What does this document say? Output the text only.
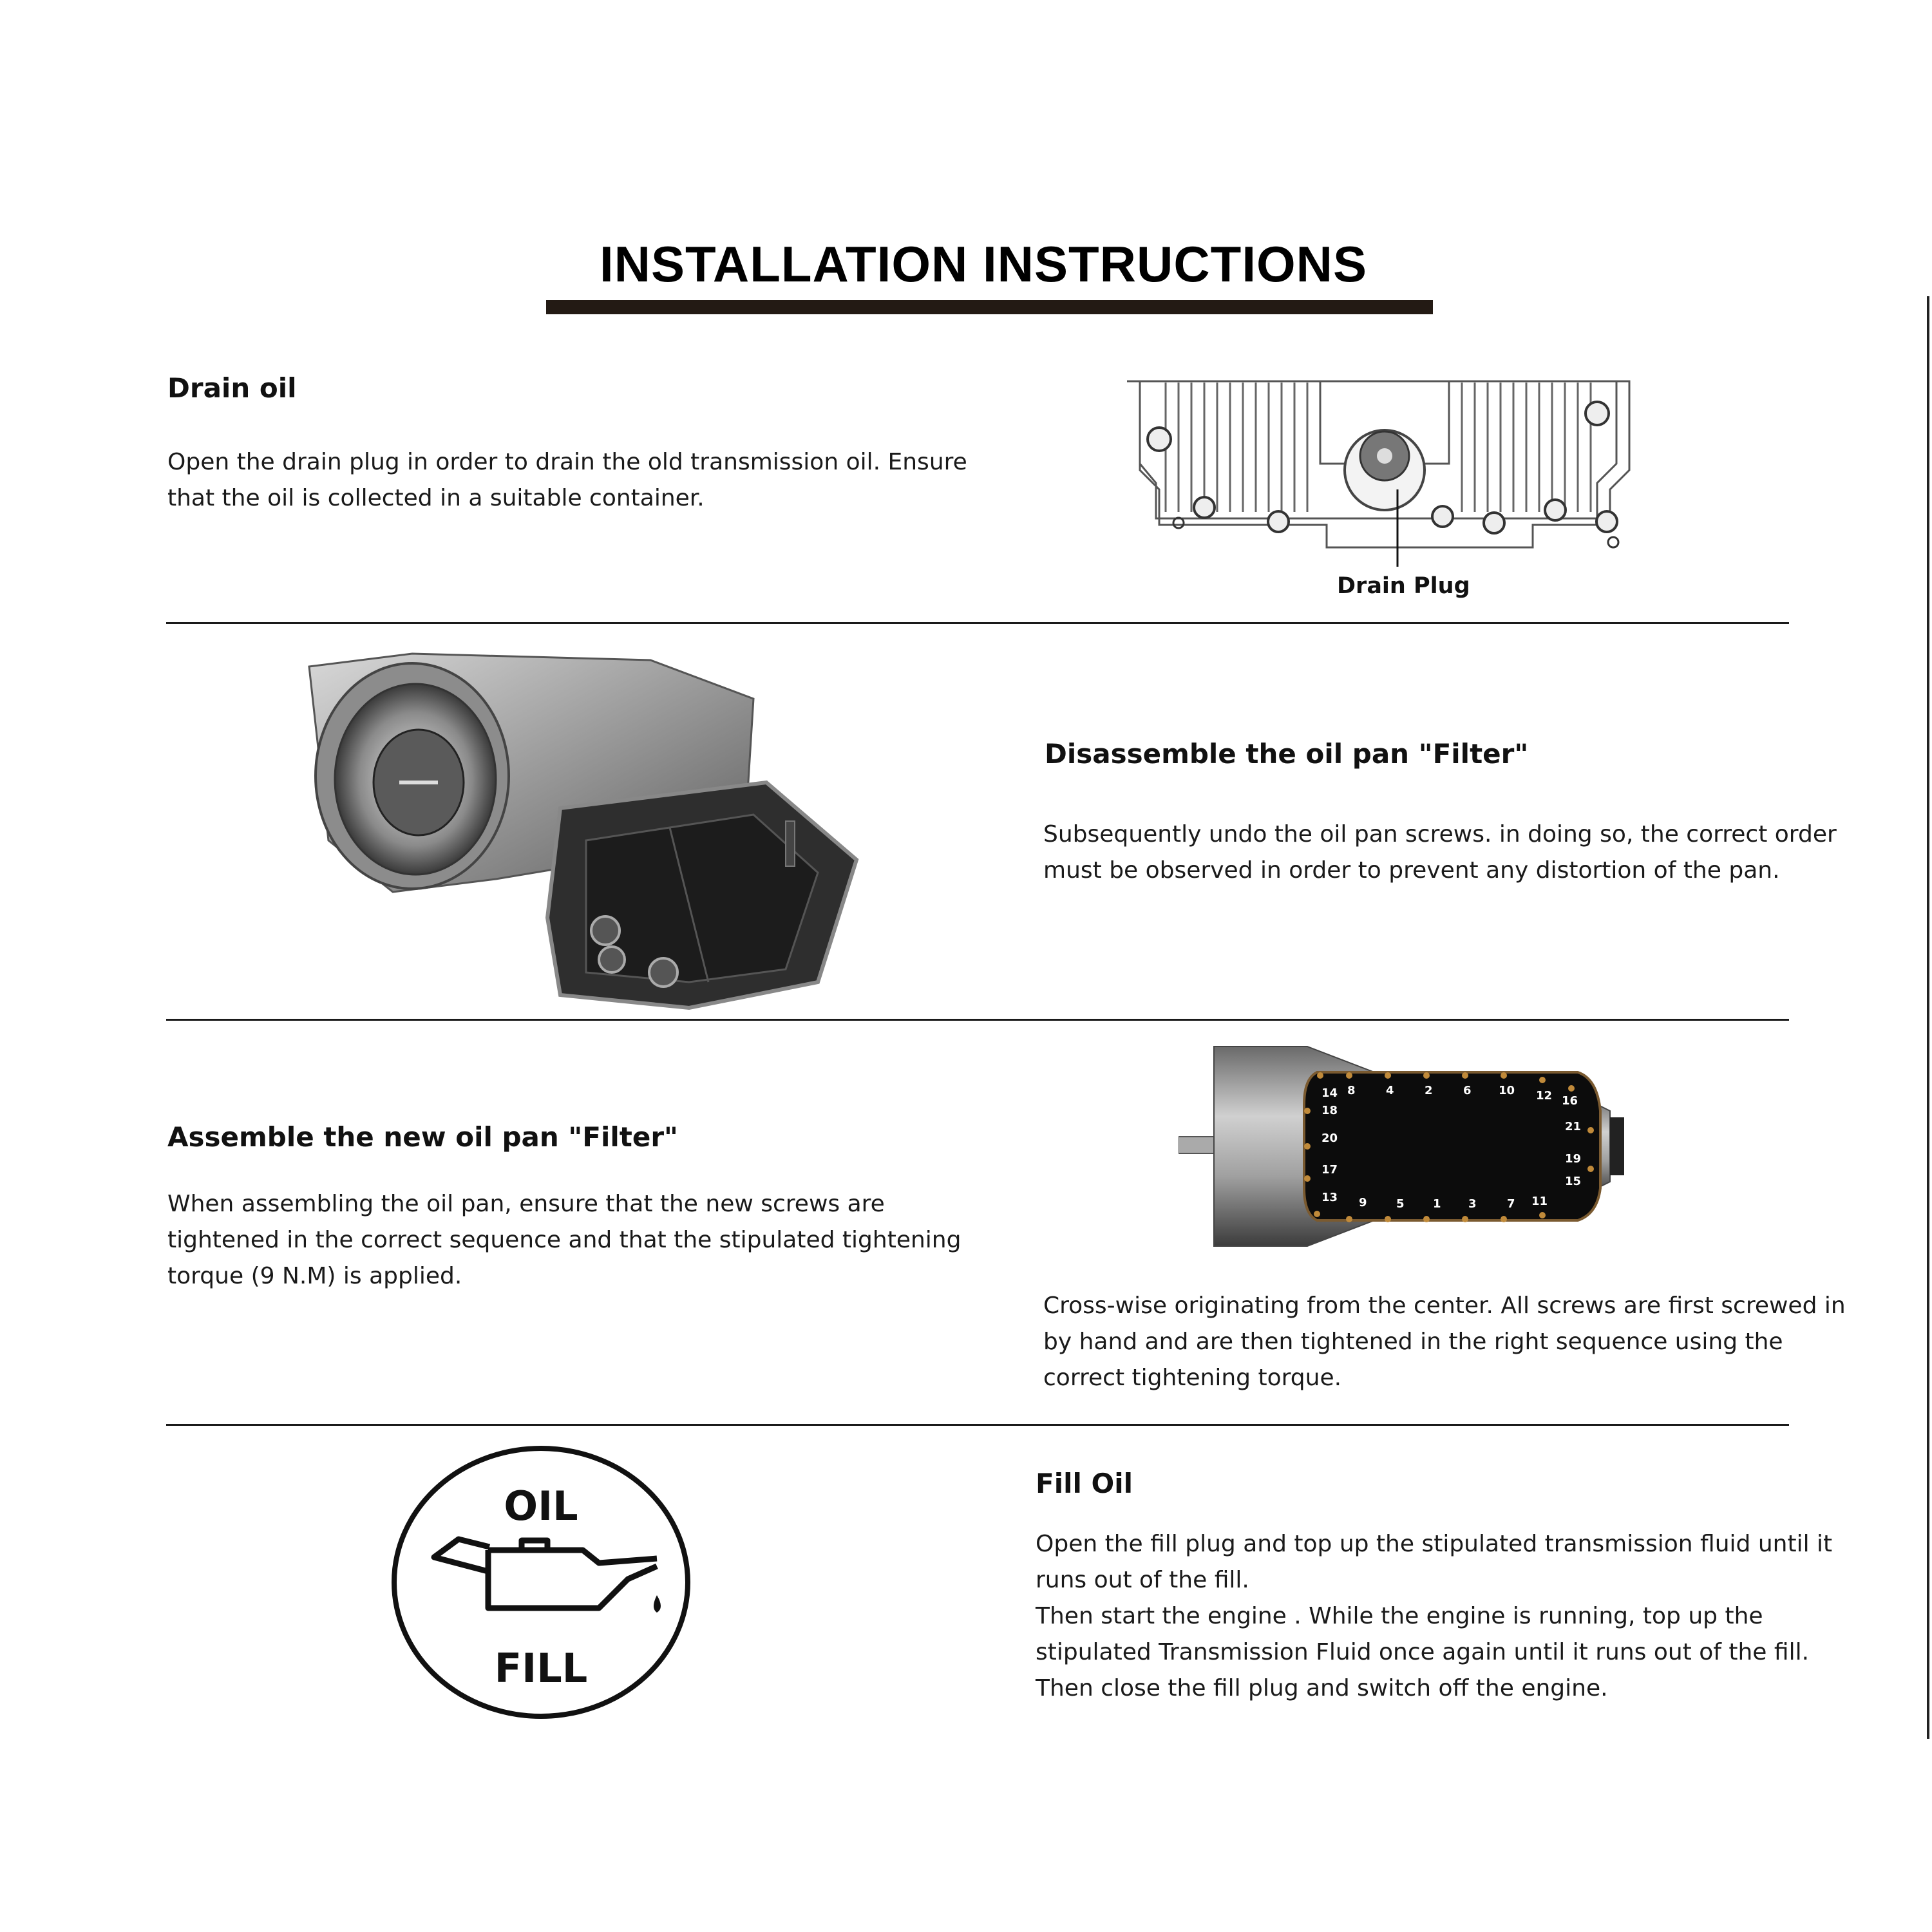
INSTALLATION INSTRUCTIONS
Drain oil
Open the drain plug in order to drain the old transmission oil. Ensure
that the oil is collected in a suitable container.
Drain Plug
Disassemble the oil pan "Filter"
Subsequently undo the oil pan screws. in doing so, the correct order
must be observed in order to prevent any distortion of the pan.
Assemble the new oil pan "Filter"
When assembling the oil pan, ensure that the new screws are
tightened in the correct sequence and that the stipulated tightening
torque (9 N.M) is applied.
14 8	4	2	6 10 12 16
18
20
17
13
21
19
15
9	5 1 3	7 11
Cross-wise originating from the center. All screws are first screwed in
by hand and are then tightened in the right sequence using the
correct tightening torque.
OIL
FILL
Fill Oil
Open the fill plug and top up the stipulated transmission fluid until it
runs out of the fill.
Then start the engine . While the engine is running, top up the
stipulated Transmission Fluid once again until it runs out of the fill.
Then close the fill plug and switch off the engine.
